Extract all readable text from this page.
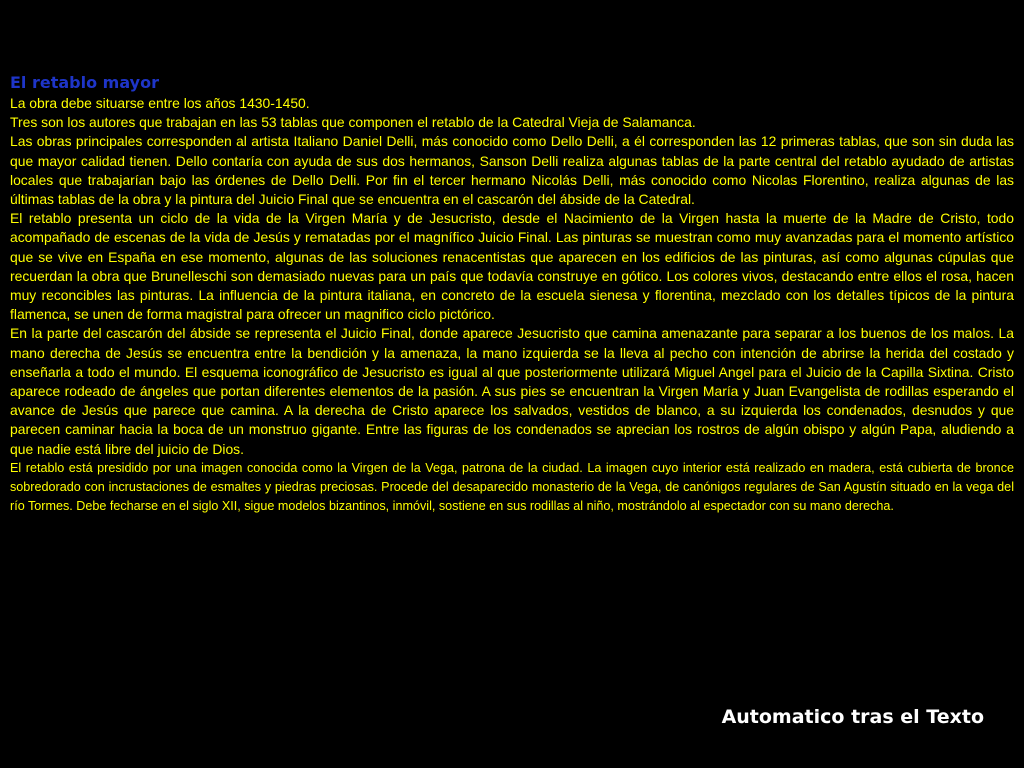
El retablo mayor

La obra debe situarse entre los años 1430-1450.

Tres son los autores que trabajan en las 53 tablas que componen el retablo de la Catedral Vieja de Salamanca.

Las obras principales corresponden al artista Italiano Daniel Delli, más conocido como Dello Delli, a él corresponden las 12 primeras tablas, que son sin duda las que mayor calidad tienen. Dello contaría con ayuda de sus dos hermanos, Sanson Delli realiza algunas tablas de la parte central del retablo ayudado de artistas locales que trabajarían bajo las órdenes de Dello Delli. Por fin el tercer hermano Nicolás Delli, más conocido como Nicolas Florentino, realiza algunas de las últimas tablas de la obra y la pintura del Juicio Final que se encuentra en el cascarón del ábside de la Catedral.

El retablo presenta un ciclo de la vida de la Virgen María y de Jesucristo, desde el Nacimiento de la Virgen hasta la muerte de la Madre de Cristo, todo acompañado de escenas de la vida de Jesús y rematadas por el magnífico Juicio Final. Las pinturas se muestran como muy avanzadas para el momento artístico que se vive en España en ese momento, algunas de las soluciones renacentistas que aparecen en los edificios de las pinturas, así como algunas cúpulas que recuerdan la obra que Brunelleschi son demasiado nuevas para un país que todavía construye en gótico. Los colores vivos, destacando entre ellos el rosa, hacen muy reconcibles las pinturas. La influencia de la pintura italiana, en concreto de la escuela sienesa y florentina, mezclado con los detalles típicos de la pintura flamenca, se unen de forma magistral para ofrecer un magnifico ciclo pictórico.

En la parte del cascarón del ábside se representa el Juicio Final, donde aparece Jesucristo que camina amenazante para separar a los buenos de los malos. La mano derecha de Jesús se encuentra entre la bendición y la amenaza, la mano izquierda se la lleva al pecho con intención de abrirse la herida del costado y enseñarla a todo el mundo. El esquema iconográfico de Jesucristo es igual al que posteriormente utilizará Miguel Angel para el Juicio de la Capilla Sixtina. Cristo aparece rodeado de ángeles que portan diferentes elementos de la pasión. A sus pies se encuentran la Virgen María y Juan Evangelista de rodillas esperando el avance de Jesús que parece que camina. A la derecha de Cristo aparece los salvados, vestidos de blanco, a su izquierda los condenados, desnudos y que parecen caminar hacia la boca de un monstruo gigante. Entre las figuras de los condenados se aprecian los rostros de algún obispo y algún Papa, aludiendo a que nadie está libre del juicio de Dios.

El retablo está presidido por una imagen conocida como la Virgen de la Vega, patrona de la ciudad. La imagen cuyo interior está realizado en madera, está cubierta de bronce sobredorado con incrustaciones de esmaltes y piedras preciosas. Procede del desaparecido monasterio de la Vega, de canónigos regulares de San Agustín situado en la vega del río Tormes. Debe fecharse en el siglo XII, sigue modelos bizantinos, inmóvil, sostiene en sus rodillas al niño, mostrándolo al espectador con su mano derecha.

Automatico tras el Texto
